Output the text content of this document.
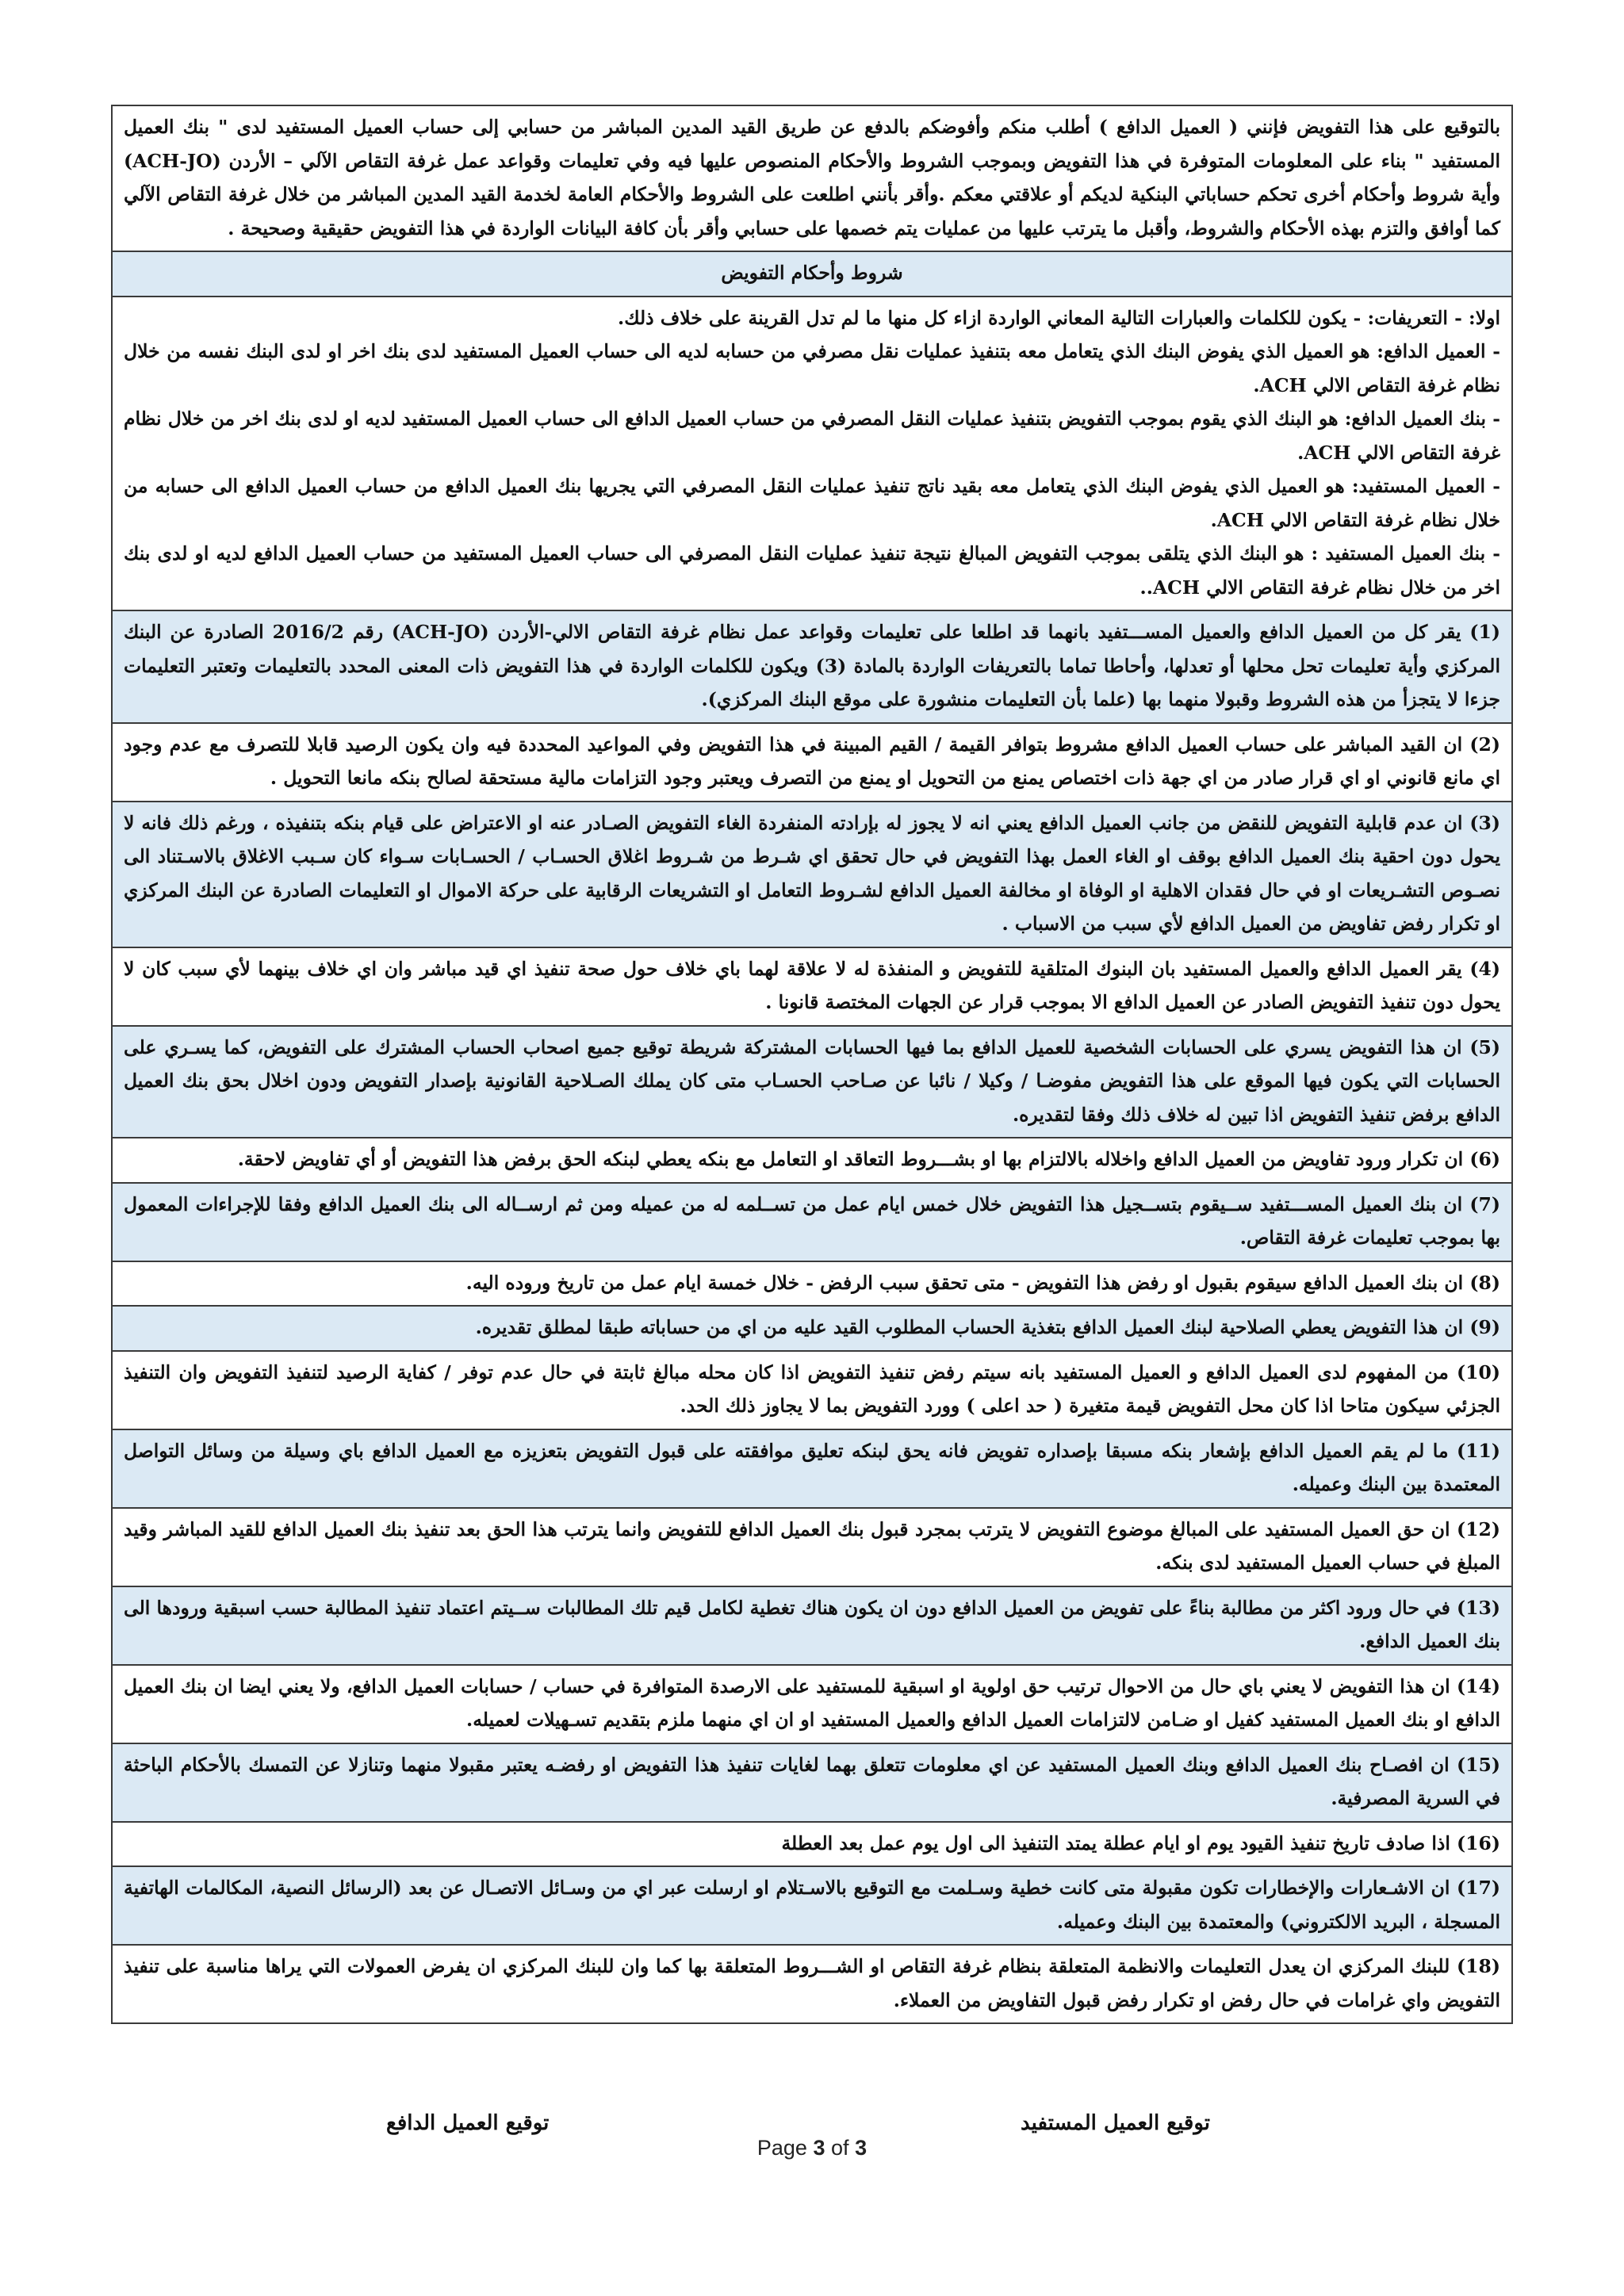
بالتوقيع على هذا التفويض فإنني ( العميل الدافع ) أطلب منكم وأفوضكم بالدفع عن طريق القيد المدين المباشر من حسابي إلى حساب العميل المستفيد لدى " بنك العميل المستفيد " بناء على المعلومات المتوفرة في هذا التفويض وبموجب الشروط والأحكام المنصوص عليها فيه وفي تعليمات وقواعد عمل غرفة التقاص الآلي – الأردن (ACH-JO) وأية شروط وأحكام أخرى تحكم حساباتي البنكية لديكم أو علاقتي معكم .وأقر بأنني اطلعت على الشروط والأحكام العامة لخدمة القيد المدين المباشر من خلال غرفة التقاص الآلي كما أوافق والتزم بهذه الأحكام والشروط، وأقبل ما يترتب عليها من عمليات يتم خصمها على حسابي وأقر بأن كافة البيانات الواردة في هذا التفويض حقيقية وصحيحة .
شروط وأحكام التفويض

اولا: - التعريفات: - يكون للكلمات والعبارات التالية المعاني الواردة ازاء كل منها ما لم تدل القرينة على خلاف ذلك.
- العميل الدافع: هو العميل الذي يفوض البنك الذي يتعامل معه بتنفيذ عمليات نقل مصرفي من حسابه لديه الى حساب العميل المستفيد لدى بنك اخر او لدى البنك نفسه من خلال نظام غرفة التقاص الالي ACH.
- بنك العميل الدافع: هو البنك الذي يقوم بموجب التفويض بتنفيذ عمليات النقل المصرفي من حساب العميل الدافع الى حساب العميل المستفيد لديه او لدى بنك اخر من خلال نظام غرفة التقاص الالي ACH.
- العميل المستفيد: هو العميل الذي يفوض البنك الذي يتعامل معه بقيد ناتج تنفيذ عمليات النقل المصرفي التي يجريها بنك العميل الدافع من حساب العميل الدافع الى حسابه من خلال نظام غرفة التقاص الالي ACH.
- بنك العميل المستفيد : هو البنك الذي يتلقى بموجب التفويض المبالغ نتيجة تنفيذ عمليات النقل المصرفي الى حساب العميل المستفيد من حساب العميل الدافع لديه او لدى بنك اخر من خلال نظام غرفة التقاص الالي ACH..

(1) يقر كل من العميل الدافع والعميل المســـتفيد بانهما قد اطلعا على تعليمات وقواعد عمل نظام غرفة التقاص الالي-الأردن (ACH-JO) رقم 2016/2 الصادرة عن البنك المركزي وأية تعليمات تحل محلها أو تعدلها، وأحاطا تماما بالتعريفات الواردة بالمادة (3) ويكون للكلمات الواردة في هذا التفويض ذات المعنى المحدد بالتعليمات وتعتبر التعليمات جزءا لا يتجزأ من هذه الشروط وقبولا منهما بها (علما بأن التعليمات منشورة على موقع البنك المركزي).
(2) ان القيد المباشر على حساب العميل الدافع مشروط بتوافر القيمة / القيم المبينة في هذا التفويض وفي المواعيد المحددة فيه وان يكون الرصيد قابلا للتصرف مع عدم وجود اي مانع قانوني او اي قرار صادر من اي جهة ذات اختصاص يمنع من التحويل او يمنع من التصرف ويعتبر وجود التزامات مالية مستحقة لصالح بنكه مانعا التحويل .
(3) ان عدم قابلية التفويض للنقض من جانب العميل الدافع يعني انه لا يجوز له بإرادته المنفردة الغاء التفويض الصـادر عنه او الاعتراض على قيام بنكه بتنفيذه ، ورغم ذلك فانه لا يحول دون احقية بنك العميل الدافع بوقف او الغاء العمل بهذا التفويض في حال تحقق اي شـرط من شـروط اغلاق الحسـاب / الحسـابات سـواء كان سـبب الاغلاق بالاسـتناد الى نصـوص التشـريعات او في حال فقدان الاهلية او الوفاة او مخالفة العميل الدافع لشـروط التعامل او التشريعات الرقابية على حركة الاموال او التعليمات الصادرة عن البنك المركزي او تكرار رفض تفاويض من العميل الدافع لأي سبب من الاسباب .
(4) يقر العميل الدافع والعميل المستفيد بان البنوك المتلقية للتفويض و المنفذة له لا علاقة لهما باي خلاف حول صحة تنفيذ اي قيد مباشر وان اي خلاف بينهما لأي سبب كان لا يحول دون تنفيذ التفويض الصادر عن العميل الدافع الا بموجب قرار عن الجهات المختصة قانونا .
(5) ان هذا التفويض يسري على الحسابات الشخصية للعميل الدافع بما فيها الحسابات المشتركة شريطة توقيع جميع اصحاب الحساب المشترك على التفويض، كما يسـري على الحسابات التي يكون فيها الموقع على هذا التفويض مفوضـا / وكيلا / نائبا عن صـاحب الحسـاب متى كان يملك الصـلاحية القانونية بإصدار التفويض ودون اخلال بحق بنك العميل الدافع برفض تنفيذ التفويض اذا تبين له خلاف ذلك وفقا لتقديره.
(6) ان تكرار ورود تفاويض من العميل الدافع واخلاله بالالتزام بها او بشـــروط التعاقد او التعامل مع بنكه يعطي لبنكه الحق برفض هذا التفويض أو أي تفاويض لاحقة.
(7) ان بنك العميل المســـتفيد ســيقوم بتســجيل هذا التفويض خلال خمس ايام عمل من تســلمه له من عميله ومن ثم ارســاله الى بنك العميل الدافع وفقا للإجراءات المعمول بها بموجب تعليمات غرفة التقاص.
(8) ان بنك العميل الدافع سيقوم بقبول او رفض هذا التفويض - متى تحقق سبب الرفض - خلال خمسة ايام عمل من تاريخ وروده اليه.
(9) ان هذا التفويض يعطي الصلاحية لبنك العميل الدافع بتغذية الحساب المطلوب القيد عليه من اي من حساباته طبقا لمطلق تقديره.
(10) من المفهوم لدى العميل الدافع و العميل المستفيد بانه سيتم رفض تنفيذ التفويض اذا كان محله مبالغ ثابتة في حال عدم توفر / كفاية الرصيد لتنفيذ التفويض وان التنفيذ الجزئي سيكون متاحا اذا كان محل التفويض قيمة متغيرة ( حد اعلى ) وورد التفويض بما لا يجاوز ذلك الحد.
(11) ما لم يقم العميل الدافع بإشعار بنكه مسبقا بإصداره تفويض فانه يحق لبنكه تعليق موافقته على قبول التفويض بتعزيزه مع العميل الدافع باي وسيلة من وسائل التواصل المعتمدة بين البنك وعميله.
(12) ان حق العميل المستفيد على المبالغ موضوع التفويض لا يترتب بمجرد قبول بنك العميل الدافع للتفويض وانما يترتب هذا الحق بعد تنفيذ بنك العميل الدافع للقيد المباشر وقيد المبلغ في حساب العميل المستفيد لدى بنكه.
(13) في حال ورود اكثر من مطالبة بناءً على تفويض من العميل الدافع دون ان يكون هناك تغطية لكامل قيم تلك المطالبات ســيتم اعتماد تنفيذ المطالبة حسب اسبقية ورودها الى بنك العميل الدافع.
(14) ان هذا التفويض لا يعني باي حال من الاحوال ترتيب حق اولوية او اسبقية للمستفيد على الارصدة المتوافرة في حساب / حسابات العميل الدافع، ولا يعني ايضا ان بنك العميل الدافع او بنك العميل المستفيد كفيل او ضـامن لالتزامات العميل الدافع والعميل المستفيد او ان اي منهما ملزم بتقديم تسـهيلات لعميله.
(15) ان افصـاح بنك العميل الدافع وبنك العميل المستفيد عن اي معلومات تتعلق بهما لغايات تنفيذ هذا التفويض او رفضـه يعتبر مقبولا منهما وتنازلا عن التمسك بالأحكام الباحثة في السرية المصرفية.
(16) اذا صادف تاريخ تنفيذ القيود يوم او ايام عطلة يمتد التنفيذ الى اول يوم عمل بعد العطلة
(17) ان الاشـعارات والإخطارات تكون مقبولة متى كانت خطية وسـلمت مع التوقيع بالاسـتلام او ارسلت عبر اي من وسـائل الاتصـال عن بعد (الرسائل النصية، المكالمات الهاتفية المسجلة ، البريد الالكتروني) والمعتمدة بين البنك وعميله.
(18) للبنك المركزي ان يعدل التعليمات والانظمة المتعلقة بنظام غرفة التقاص او الشـــروط المتعلقة بها كما وان للبنك المركزي ان يفرض العمولات التي يراها مناسبة على تنفيذ التفويض واي غرامات في حال رفض او تكرار رفض قبول التفاويض من العملاء.
توقيع العميل المستفيد
توقيع العميل الدافع
Page 3 of 3
